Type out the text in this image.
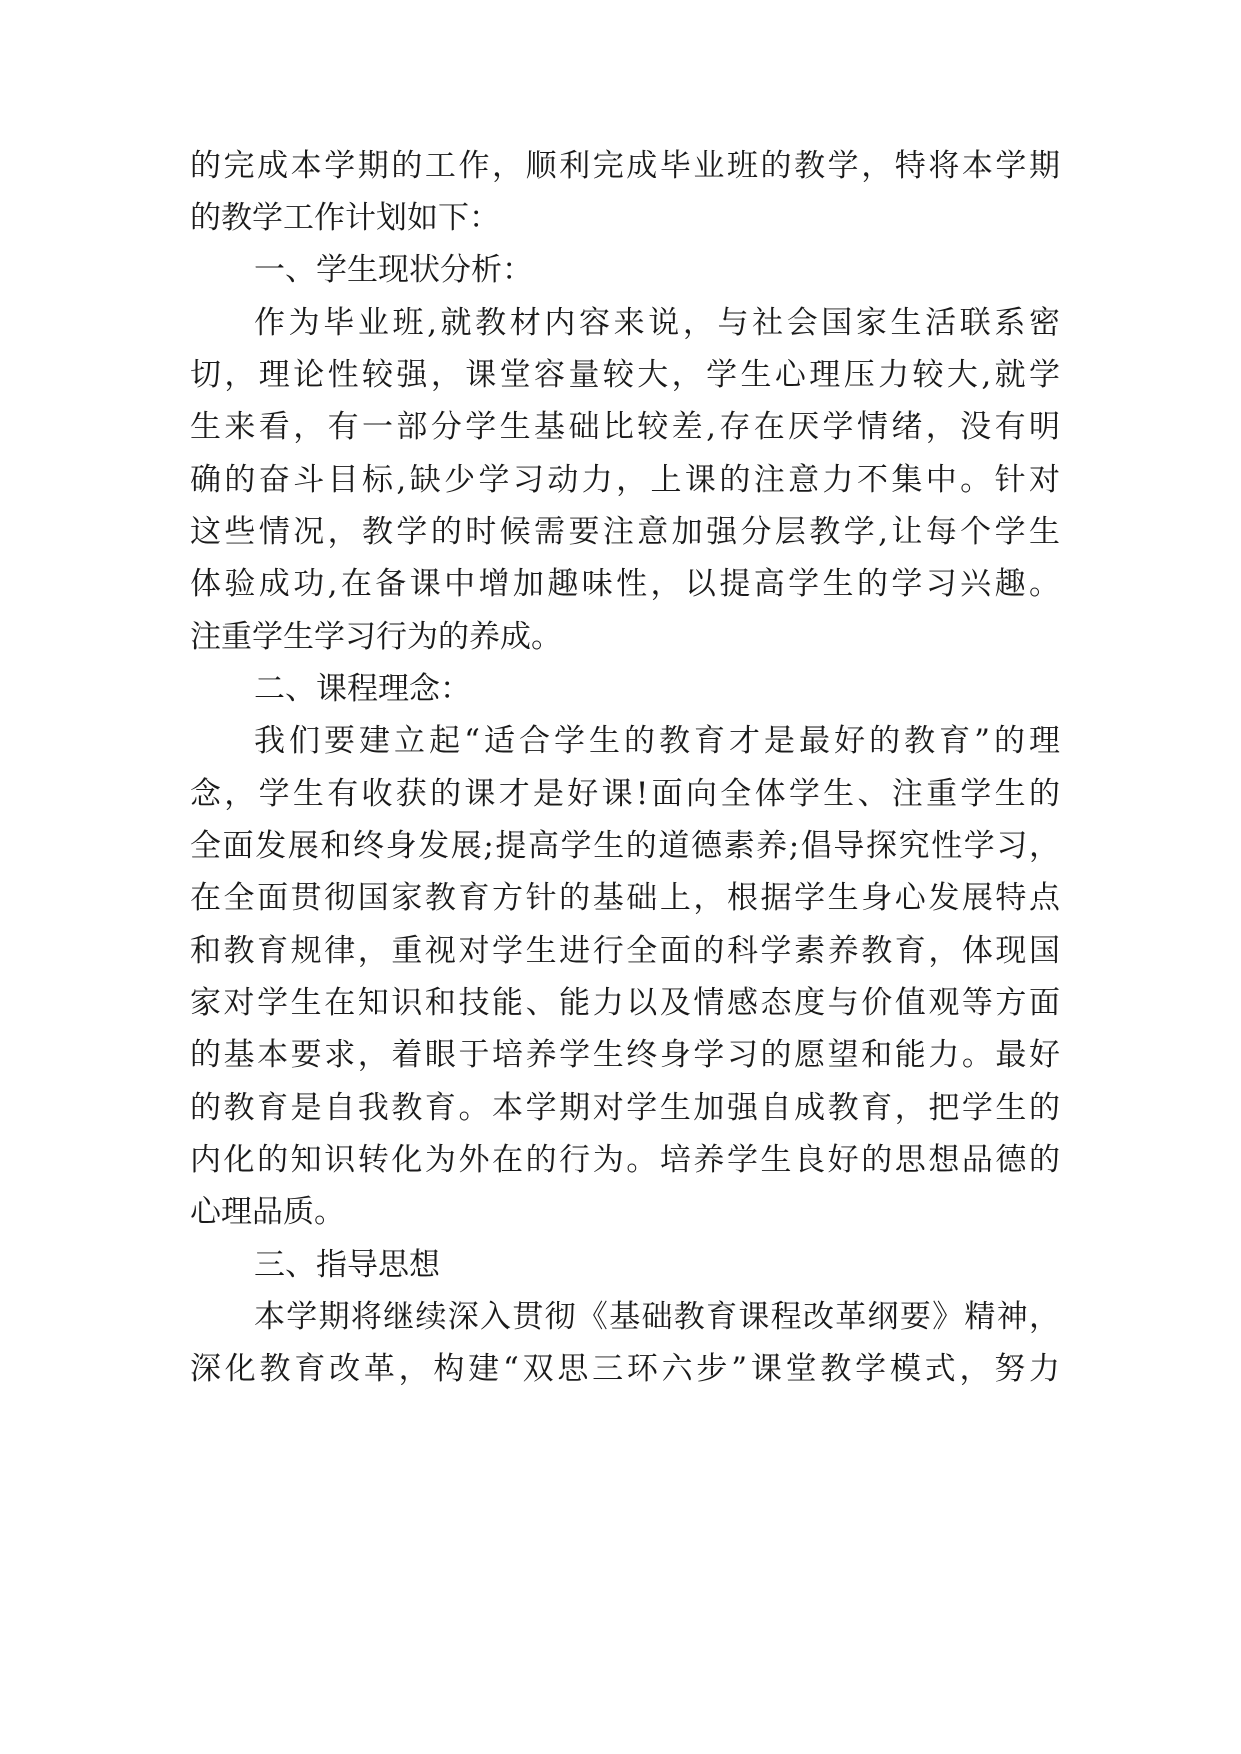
的完成本学期的工作，顺利完成毕业班的教学，特将本学期
的教学工作计划如下：
一、学生现状分析：
作为毕业班,就教材内容来说，与社会国家生活联系密
切，理论性较强，课堂容量较大，学生心理压力较大,就学
生来看，有一部分学生基础比较差,存在厌学情绪，没有明
确的奋斗目标,缺少学习动力，上课的注意力不集中。针对
这些情况，教学的时候需要注意加强分层教学,让每个学生
体验成功,在备课中增加趣味性，以提高学生的学习兴趣。
注重学生学习行为的养成。
二、课程理念：
我们要建立起“适合学生的教育才是最好的教育”的理
念，学生有收获的课才是好课!面向全体学生、注重学生的
全面发展和终身发展;提高学生的道德素养;倡导探究性学习，
在全面贯彻国家教育方针的基础上，根据学生身心发展特点
和教育规律，重视对学生进行全面的科学素养教育，体现国
家对学生在知识和技能、能力以及情感态度与价值观等方面
的基本要求，着眼于培养学生终身学习的愿望和能力。最好
的教育是自我教育。本学期对学生加强自成教育，把学生的
内化的知识转化为外在的行为。培养学生良好的思想品德的
心理品质。
三、指导思想
本学期将继续深入贯彻《基础教育课程改革纲要》精神，
深化教育改革，构建“双思三环六步”课堂教学模式，努力
